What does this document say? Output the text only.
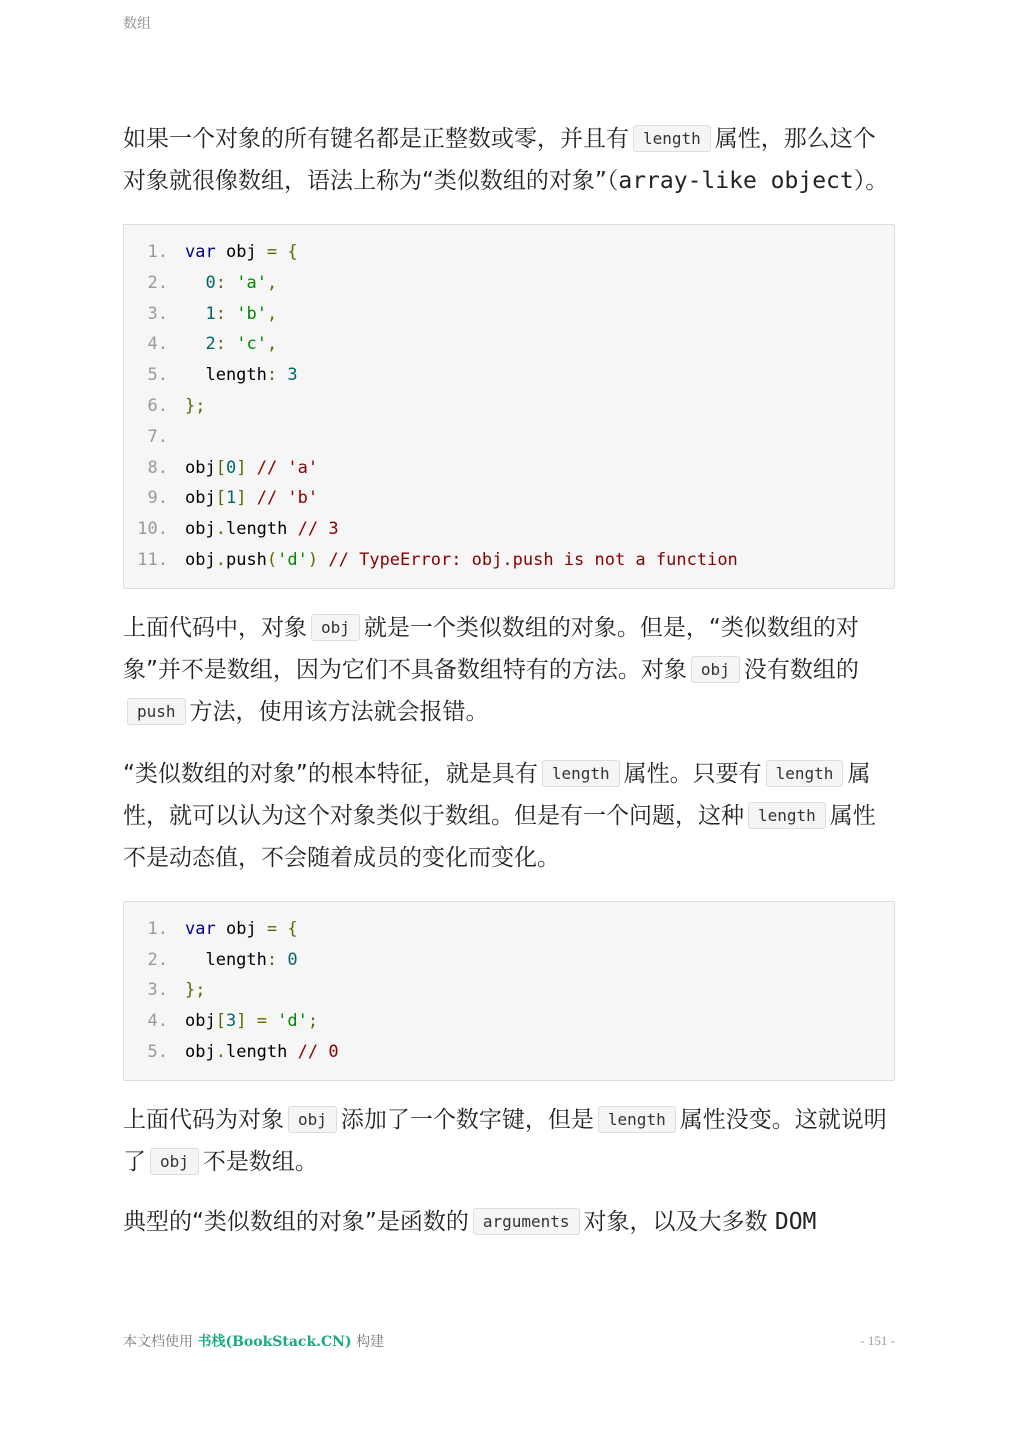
数组

如果一个对象的所有键名都是正整数或零，并且有 length 属性，那么这个对象就很像数组，语法上称为“类似数组的对象”（array-like object）。

1.	var obj = {
2.	0: 'a',
3.	1: 'b',
4.	2: 'c',
5.	length: 3
6.	};
7.
8.	obj[0] // 'a'
9.	obj[1] // 'b'
10.	obj.length // 3
11.	obj.push('d') // TypeError: obj.push is not a function

上面代码中，对象 obj 就是一个类似数组的对象。但是，“类似数组的对象”并不是数组，因为它们不具备数组特有的方法。对象 obj 没有数组的push 方法，使用该方法就会报错。

“类似数组的对象”的根本特征，就是具有 length 属性。只要有 length 属性，就可以认为这个对象类似于数组。但是有一个问题，这种 length 属性不是动态值，不会随着成员的变化而变化。

1.	var obj = {
2.	length: 0
3.	};
4.	obj[3] = 'd';
5.	obj.length // 0

上面代码为对象 obj 添加了一个数字键，但是 length 属性没变。这就说明了 obj 不是数组。

典型的“类似数组的对象”是函数的 arguments 对象，以及大多数 DOM

本文档使用 书栈(BookStack.CN) 构建	- 151 -
